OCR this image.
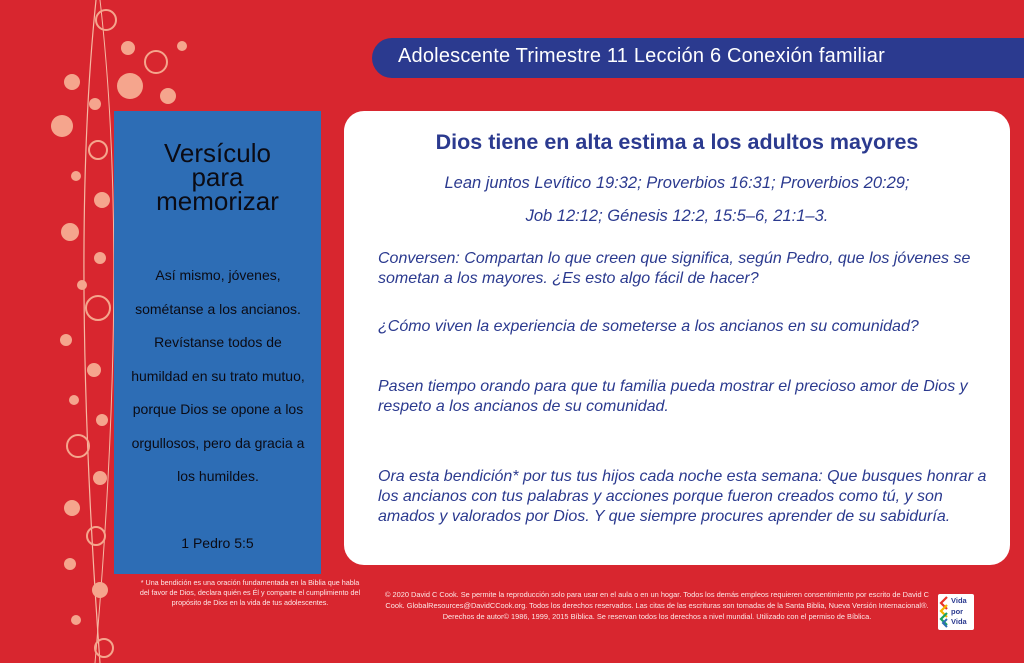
Adolescente Trimestre 11 Lección 6 Conexión familiar
Versículo
para
memorizar
Así mismo, jóvenes, sométanse a los ancianos. Revístanse todos de humildad en su trato mutuo, porque Dios se opone a los orgullosos, pero da gracia a los humildes.
1 Pedro 5:5
Dios tiene en alta estima a los adultos mayores
Lean juntos Levítico 19:32; Proverbios 16:31; Proverbios 20:29;
Job 12:12; Génesis 12:2, 15:5–6, 21:1–3.
Conversen: Compartan lo que creen que significa, según Pedro, que los jóvenes se sometan a los mayores. ¿Es esto algo fácil de hacer?
¿Cómo viven la experiencia de someterse a los ancianos en su comunidad?
Pasen tiempo orando para que tu familia pueda mostrar el precioso amor de Dios y respeto a los ancianos de su comunidad.
Ora esta bendición* por tus tus hijos cada noche esta semana: Que busques honrar a los ancianos con tus palabras y acciones porque fueron creados como tú, y son amados y valorados por Dios. Y que siempre procures aprender de su sabiduría.
* Una bendición es una oración fundamentada en la Biblia que habla del favor de Dios, declara quién es Él y comparte el cumplimiento del propósito de Dios en la vida de tus adolescentes.
© 2020 David C Cook. Se permite la reproducción solo para usar en el aula o en un hogar. Todos los demás empleos requieren consentimiento por escrito de David C Cook. GlobalResources@DavidCCook.org. Todos los derechos reservados. Las citas de las escrituras son tomadas de la Santa Biblia, Nueva Versión Internacional®. Derechos de autor© 1986, 1999, 2015 Bíblica. Se reservan todos los derechos a nivel mundial. Utilizado con el permiso de Bíblica.
Vida
por
Vida
